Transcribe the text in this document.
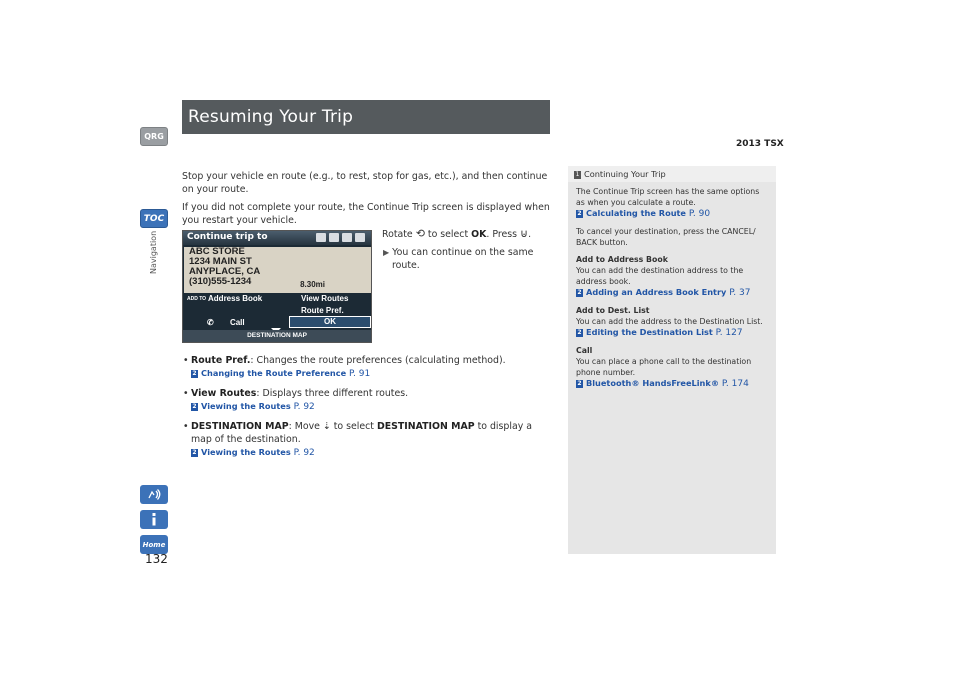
Resuming Your Trip
2013 TSX
QRG
TOC
Navigation
Home
132

Stop your vehicle en route (e.g., to rest, stop for gas, etc.), and then continue on your route.

If you did not complete your route, the Continue Trip screen is displayed when you restart your vehicle.

Continue trip to
ABC STORE
1234 MAIN ST
ANYPLACE, CA
(310)555-1234	8.30mi
ADD TO Address Book	View Routes
Route Pref.
✆ Call	OK
DESTINATION MAP
Rotate ⟲ to select OK. Press ⊍.
▶ You can continue on the same route.
• Route Pref.: Changes the route preferences (calculating method).
2 Changing the Route Preference P. 91
• View Routes: Displays three different routes.
2 Viewing the Routes P. 92
• DESTINATION MAP: Move ⇣ to select DESTINATION MAP to display a map of the destination.
2 Viewing the Routes P. 92
1 Continuing Your Trip

The Continue Trip screen has the same options as when you calculate a route.
2 Calculating the Route P. 90

To cancel your destination, press the CANCEL/ BACK button.

Add to Address Book
You can add the destination address to the address book.
2 Adding an Address Book Entry P. 37

Add to Dest. List
You can add the address to the Destination List.
2 Editing the Destination List P. 127

Call
You can place a phone call to the destination phone number.
2 Bluetooth® HandsFreeLink® P. 174
